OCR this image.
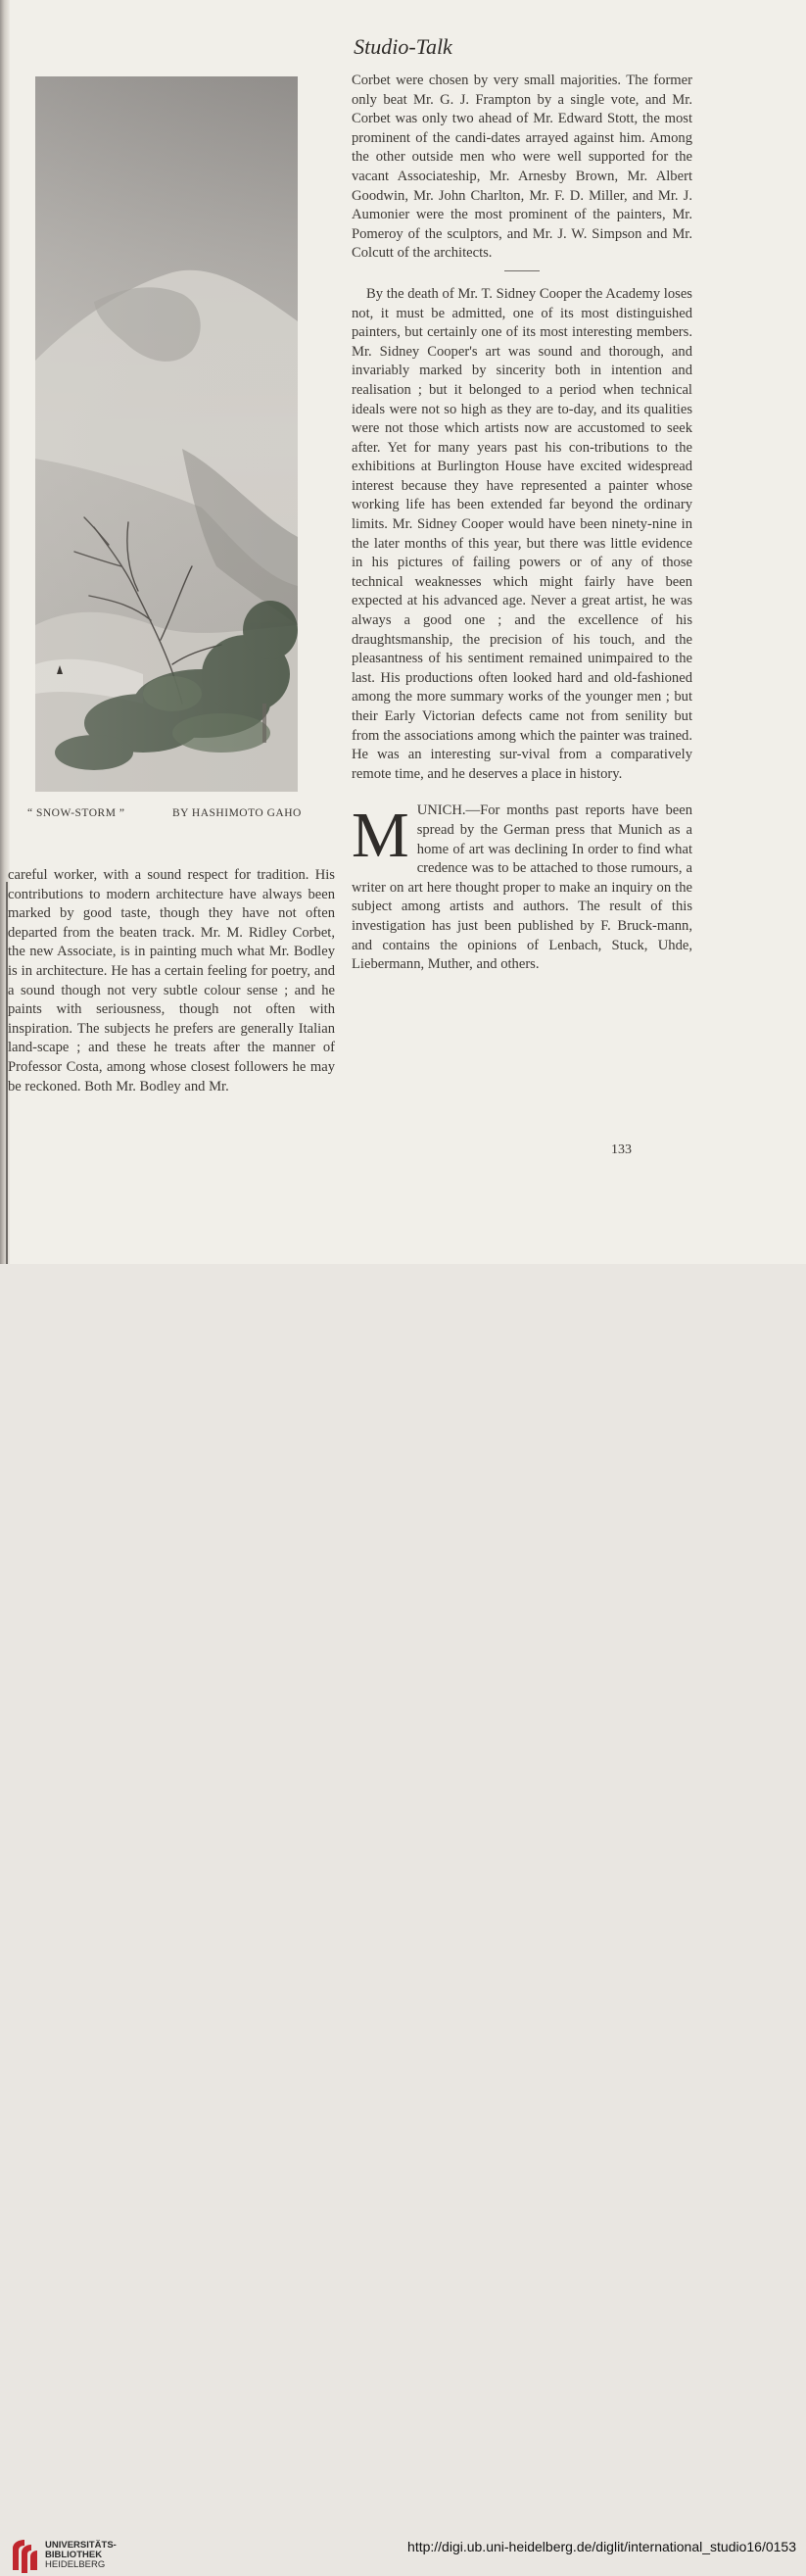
Studio-Talk
“ SNOW-STORM ”	BY HASHIMOTO GAHO

Corbet were chosen by very small majorities. The former only beat Mr. G. J. Frampton by a single vote, and Mr. Corbet was only two ahead of Mr. Edward Stott, the most prominent of the candi-dates arrayed against him. Among the other outside men who were well supported for the vacant Associateship, Mr. Arnesby Brown, Mr. Albert Goodwin, Mr. John Charlton, Mr. F. D. Miller, and Mr. J. Aumonier were the most prominent of the painters, Mr. Pomeroy of the sculptors, and Mr. J. W. Simpson and Mr. Colcutt of the architects.

By the death of Mr. T. Sidney Cooper the Academy loses not, it must be admitted, one of its most distinguished painters, but certainly one of its most interesting members. Mr. Sidney Cooper's art was sound and thorough, and invariably marked by sincerity both in intention and realisation ; but it belonged to a period when technical ideals were not so high as they are to-day, and its qualities were not those which artists now are accustomed to seek after. Yet for many years past his con-tributions to the exhibitions at Burlington House have excited widespread interest because they have represented a painter whose working life has been extended far beyond the ordinary limits. Mr. Sidney Cooper would have been ninety-nine in the later months of this year, but there was little evidence in his pictures of failing powers or of any of those technical weaknesses which might fairly have been expected at his advanced age. Never a great artist, he was always a good one ; and the excellence of his draughtsmanship, the precision of his touch, and the pleasantness of his sentiment remained unimpaired to the last. His productions often looked hard and old-fashioned among the more summary works of the younger men ; but their Early Victorian defects came not from senility but from the associations among which the painter was trained. He was an interesting sur-vival from a comparatively remote time, and he deserves a place in history.

MUNICH.—For months past reports have been spread by the German press that Munich as a home of art was declining In order to find what credence was to be attached to those rumours, a writer on art here thought proper to make an inquiry on the subject among artists and authors. The result of this investigation has just been published by F. Bruck-mann, and contains the opinions of Lenbach, Stuck, Uhde, Liebermann, Muther, and others.

careful worker, with a sound respect for tradition. His contributions to modern architecture have always been marked by good taste, though they have not often departed from the beaten track. Mr. M. Ridley Corbet, the new Associate, is in painting much what Mr. Bodley is in architecture. He has a certain feeling for poetry, and a sound though not very subtle colour sense ; and he paints with seriousness, though not often with inspiration. The subjects he prefers are generally Italian land-scape ; and these he treats after the manner of Professor Costa, among whose closest followers he may be reckoned. Both Mr. Bodley and Mr.

133
UNIVERSITÄTS-
BIBLIOTHEK
HEIDELBERG
http://digi.ub.uni-heidelberg.de/diglit/international_studio16/0153
